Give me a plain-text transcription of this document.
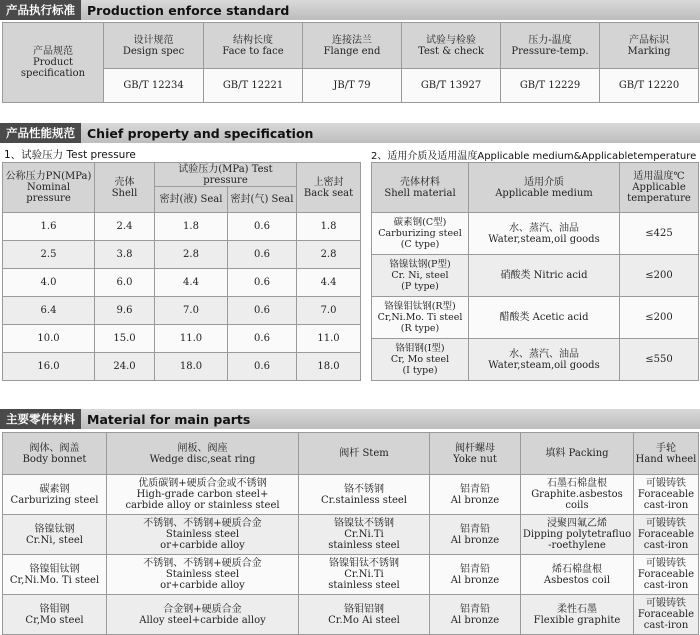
产品执行标准 Production enforce standard
产品规范
Product
specification	设计规范
Design spec	结构长度
Face to face	连接法兰
Flange end	试验与检验
Test & check	压力-温度
Pressure-temp.	产品标识
Marking

	GB/T 12234	GB/T 12221	JB/T 79	GB/T 13927	GB/T 12229	GB/T 12220
产品性能规范 Chief property and specification
1、试验压力 Test pressure	2、适用介质及适用温度Applicable medium&Applicabletemperature
公称压力PN(MPa)
Nominal pressure	壳体
Shell	试验压力(MPa) Test pressure		上密封
Back seat

		密封(液) Seal	密封(气) Seal	
1.6	2.4	1.8	0.6	1.8
2.5	3.8	2.8	0.6	2.8
4.0	6.0	4.4	0.6	4.4
6.4	9.6	7.0	0.6	7.0
10.0	15.0	11.0	0.6	11.0
16.0	24.0	18.0	0.6	18.0
壳体材料
Shell material	适用介质
Applicable medium	适用温度℃
Applicable
temperature

碳素钢(C型)
Carburizing steel
(C type)	水、蒸汽、油品
Water,steam,oil goods	≤425

铬镍钛钢(P型)
Cr. Ni, steel
(P type)	硝酸类 Nitric acid	≤200

铬镍钼钛钢(R型)
Cr,Ni.Mo. Ti steel
(R type)	醋酸类 Acetic acid	≤200

铬钼钢(I型)
Cr, Mo steel
(I type)	水、蒸汽、油品
Water,steam,oil goods	≤550
主要零件材料 Material for main parts
阀体、阀盖
Body bonnet	闸板、阀座
Wedge disc,seat ring	阀杆 Stem	阀杆螺母
Yoke nut	填料 Packing	手轮
Hand wheel

碳素钢
Carburizing steel	优质碳钢+硬质合金或不锈钢
High-grade carbon steel+
carbide alloy or stainless steel	铬不锈钢
Cr.stainless steel	铝青铅
Al bronze	石墨石棉盘根
Graphite.asbestos
coils	可锻铸铁
Foraceable
cast-iron

铬镍钛钢
Cr.Ni, steel	不锈钢、不锈钢+硬质合金
Stainless steel
or+carbide alloy	铬镍钛不锈钢
Cr.Ni.Ti
stainless steel	铝青铅
Al bronze	浸聚四氟乙烯
Dipping polytetrafluo
-roethylene	可锻铸铁
Foraceable
cast-iron

铬镍钼钛钢
Cr,Ni.Mo. Ti steel	不锈钢、不锈钢+硬质合金
Stainless steel
or+carbide alloy	铬镍钼钛不锈钢
Cr.Ni.Ti
stainless steel	铝青铅
Al bronze	烯石棉盘根
Asbestos coil	可锻铸铁
Foraceable
cast-iron

铬钼钢
Cr,Mo steel	合金钢+硬质合金
Alloy steel+carbide alloy	铬钼铝钢
Cr.Mo Ai steel	铝青铅
Al bronze	柔性石墨
Flexible graphite	可锻铸铁
Foraceable
cast-iron
